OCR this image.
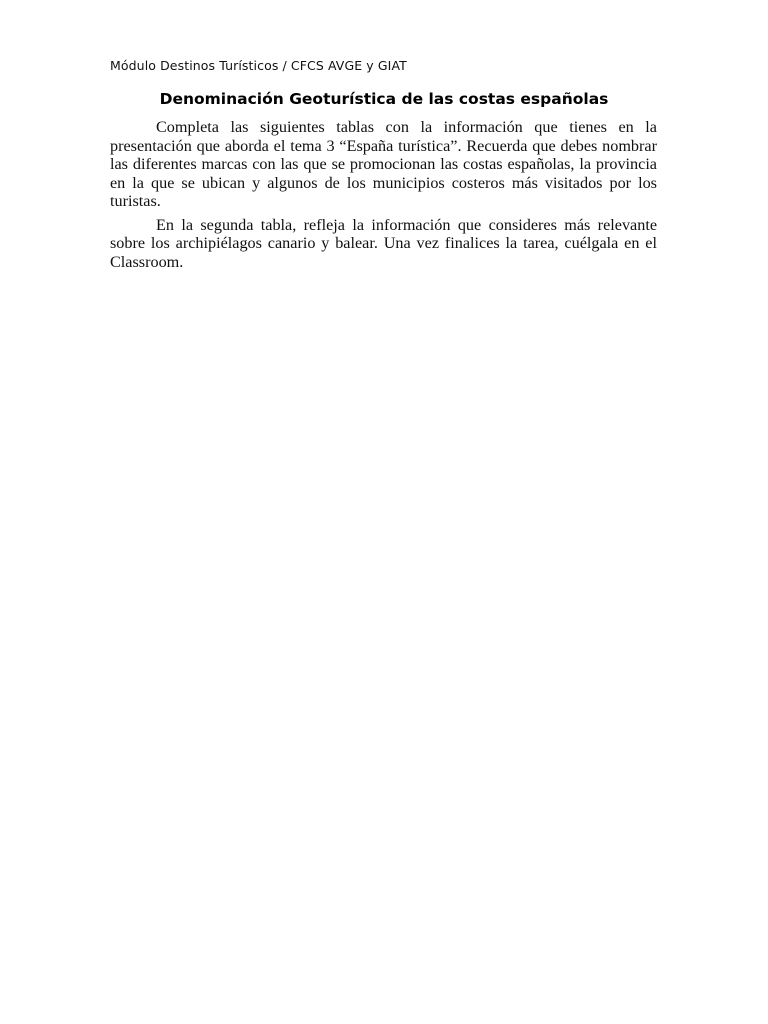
Módulo Destinos Turísticos / CFCS AVGE y GIAT
Denominación Geoturística de las costas españolas

Completa las siguientes tablas con la información que tienes en la presentación que aborda el tema 3 “España turística”. Recuerda que debes nombrar las diferentes marcas con las que se promocionan las costas españolas, la provincia en la que se ubican y algunos de los municipios costeros más visitados por los turistas.

En la segunda tabla, refleja la información que consideres más relevante sobre los archipiélagos canario y balear. Una vez finalices la tarea, cuélgala en el Classroom.
